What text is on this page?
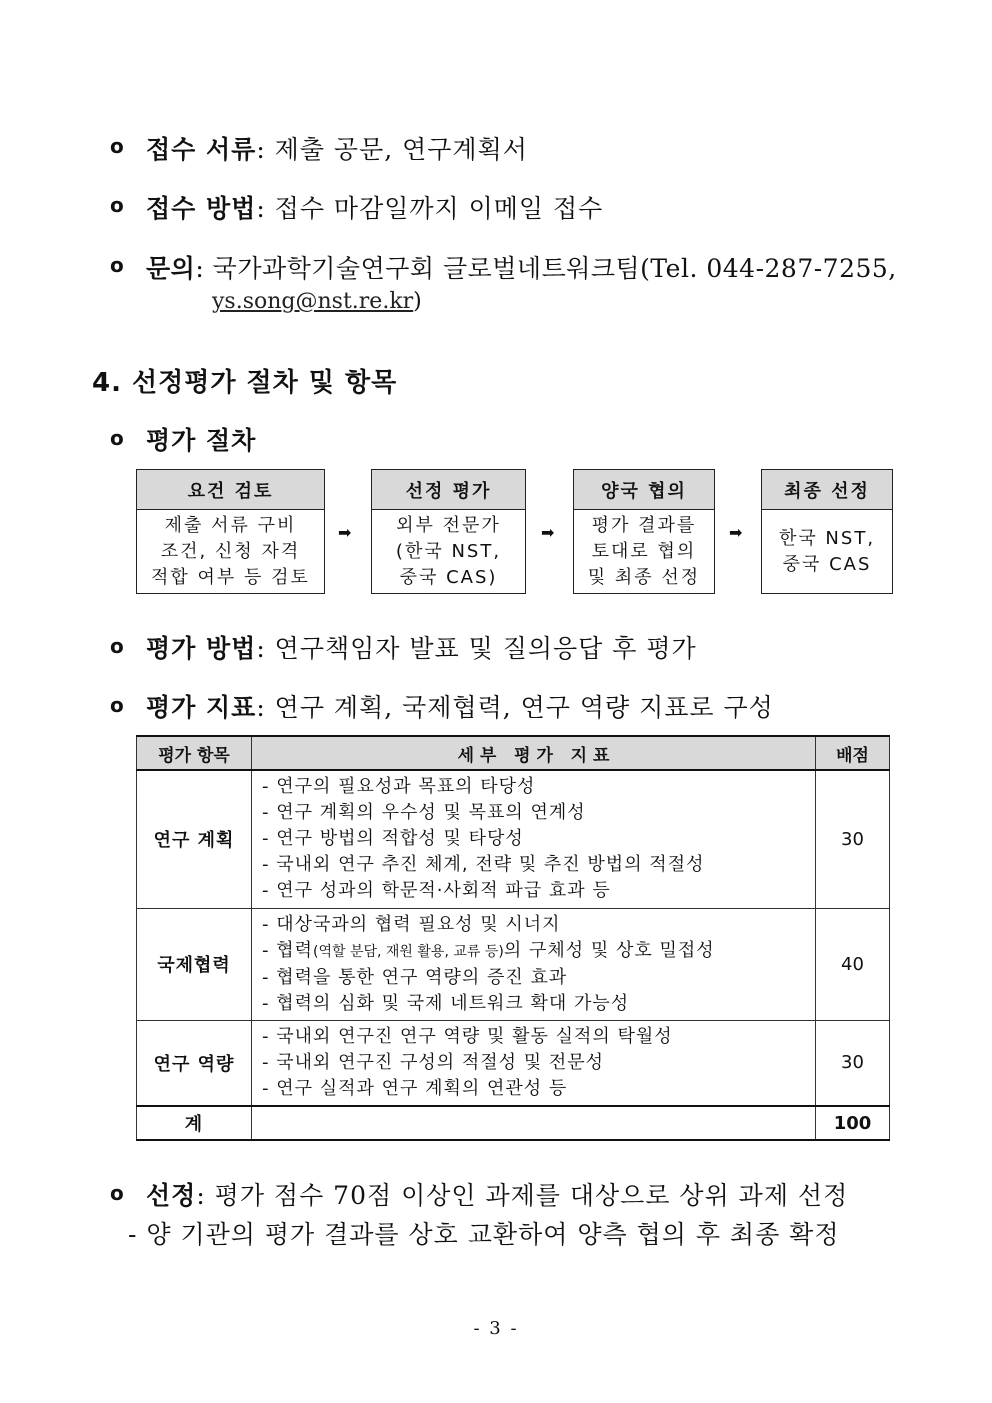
o 접수 서류: 제출 공문, 연구계획서
o 접수 방법: 접수 마감일까지 이메일 접수
o 문의: 국가과학기술연구회 글로벌네트워크팀(Tel. 044-287-7255,
ys.song@nst.re.kr)
4. 선정평가 절차 및 항목
o 평가 절차
요건 검토
제출 서류 구비
조건, 신청 자격
적합 여부 등 검토
➡
선정 평가
외부 전문가
(한국 NST,
중국 CAS)
➡
양국 협의
평가 결과를
토대로 협의
및 최종 선정
➡
최종 선정
한국 NST,
중국 CAS
o 평가 방법: 연구책임자 발표 및 질의응답 후 평가
o 평가 지표: 연구 계획, 국제협력, 연구 역량 지표로 구성
평가 항목	세 부   평 가   지 표	배점
연구 계획	- 연구의 필요성과 목표의 타당성
- 연구 계획의 우수성 및 목표의 연계성
- 연구 방법의 적합성 및 타당성
- 국내외 연구 추진 체계, 전략 및 추진 방법의 적절성
- 연구 성과의 학문적·사회적 파급 효과 등	30
국제협력	- 대상국과의 협력 필요성 및 시너지
- 협력(역할 분담, 재원 활용, 교류 등)의 구체성 및 상호 밀접성
- 협력을 통한 연구 역량의 증진 효과
- 협력의 심화 및 국제 네트워크 확대 가능성	40
연구 역량	- 국내외 연구진 연구 역량 및 활동 실적의 탁월성
- 국내외 연구진 구성의 적절성 및 전문성
- 연구 실적과 연구 계획의 연관성 등	30
계		100
o 선정: 평가 점수 70점 이상인 과제를 대상으로 상위 과제 선정
- 양 기관의 평가 결과를 상호 교환하여 양측 협의 후 최종 확정
- 3 -
